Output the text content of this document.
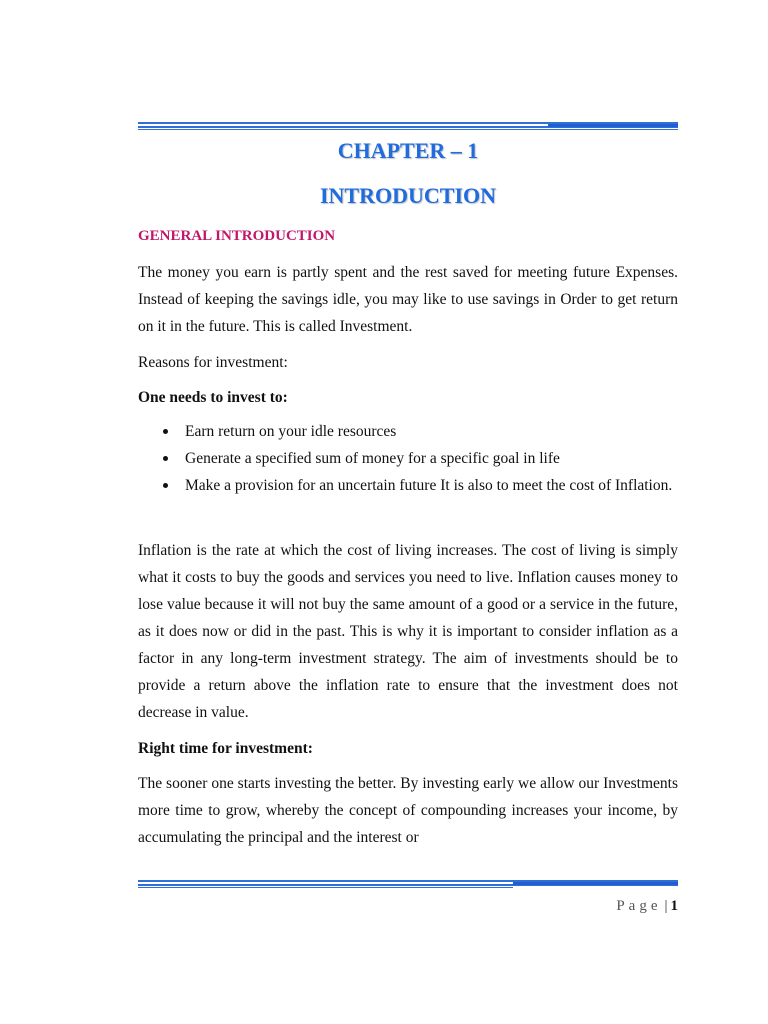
CHAPTER – 1
INTRODUCTION
GENERAL INTRODUCTION

The money you earn is partly spent and the rest saved for meeting future Expenses. Instead of keeping the savings idle, you may like to use savings in Order to get return on it in the future. This is called Investment.

Reasons for investment:

One needs to invest to:

Earn return on your idle resources
Generate a specified sum of money for a specific goal in life
Make a provision for an uncertain future It is also to meet the cost of Inflation.

Inflation is the rate at which the cost of living increases. The cost of living is simply what it costs to buy the goods and services you need to live. Inflation causes money to lose value because it will not buy the same amount of a good or a service in the future, as it does now or did in the past. This is why it is important to consider inflation as a factor in any long-term investment strategy. The aim of investments should be to provide a return above the inflation rate to ensure that the investment does not decrease in value.

Right time for investment:

The sooner one starts investing the better. By investing early we allow our Investments more time to grow, whereby the concept of compounding increases your income, by accumulating the principal and the interest or

Page | 1
